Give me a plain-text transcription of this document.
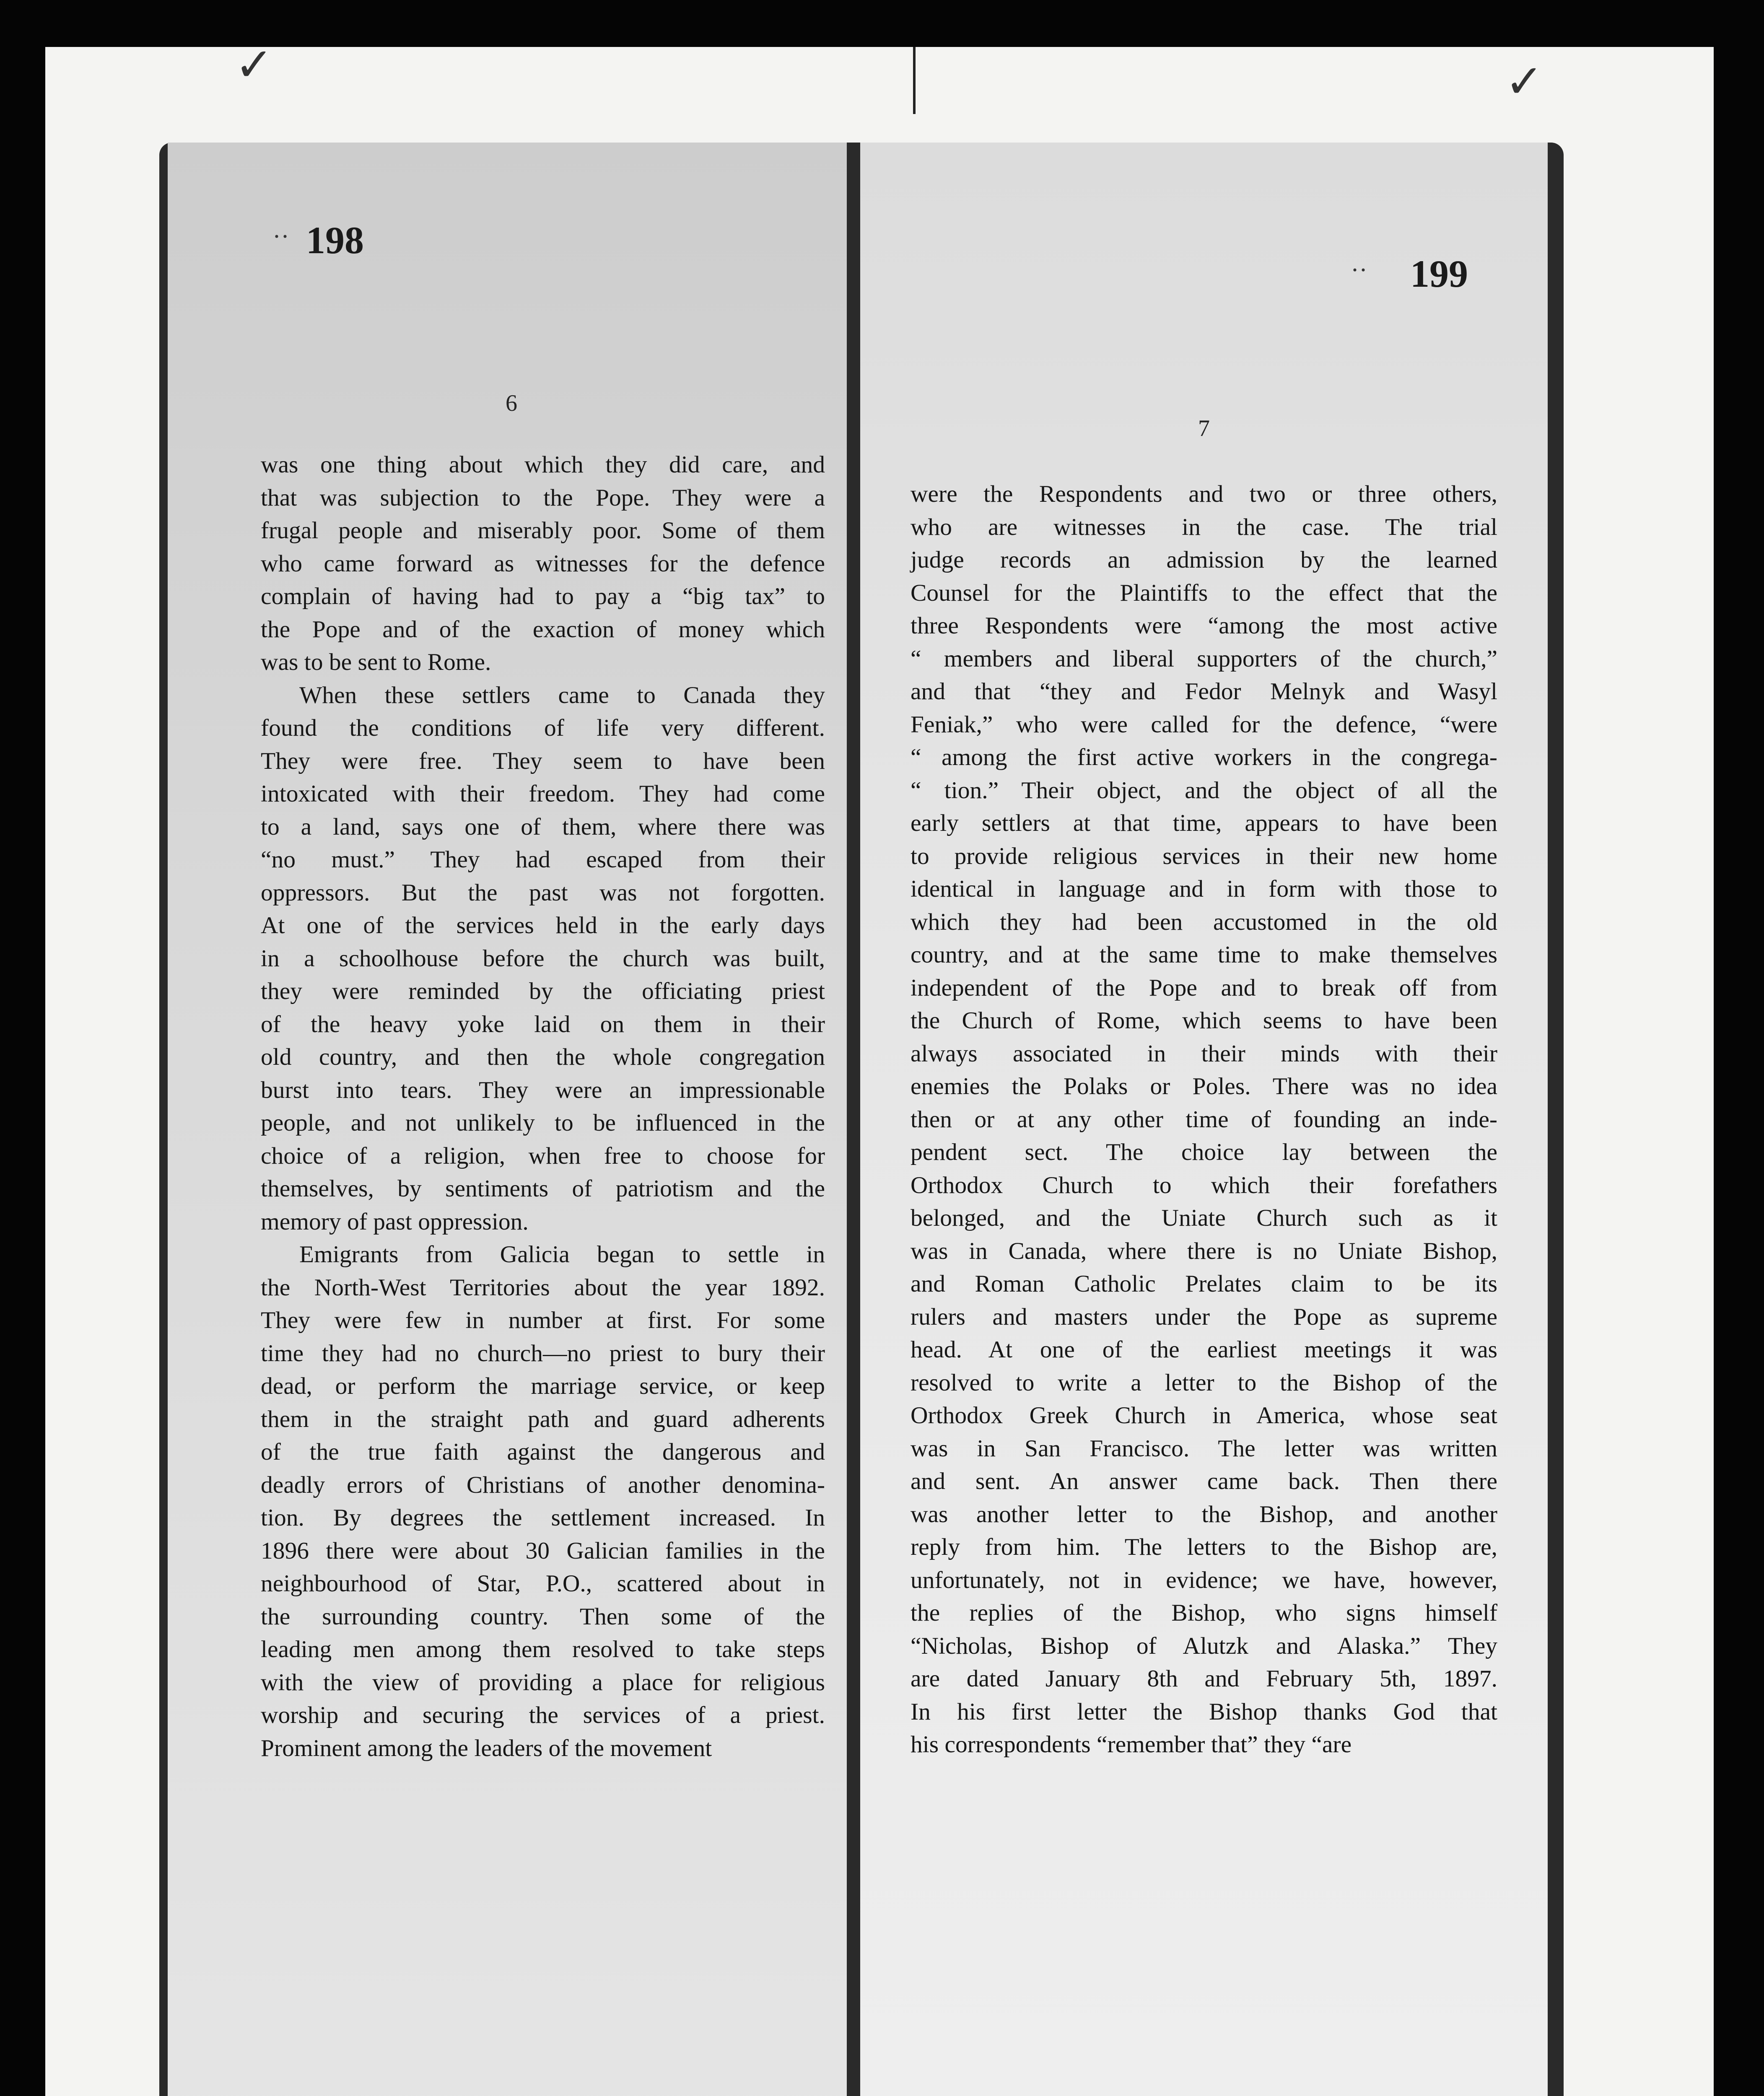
✓	✓
·· 198
6
was one thing about which they did care, and
that was subjection to the Pope. They were a
frugal people and miserably poor. Some of them
who came forward as witnesses for the defence
complain of having had to pay a “big tax” to
the Pope and of the exaction of money which
was to be sent to Rome.
When these settlers came to Canada they
found the conditions of life very different.
They were free. They seem to have been
intoxicated with their freedom. They had come
to a land, says one of them, where there was
“no must.” They had escaped from their
oppressors. But the past was not forgotten.
At one of the services held in the early days
in a schoolhouse before the church was built,
they were reminded by the officiating priest
of the heavy yoke laid on them in their
old country, and then the whole congregation
burst into tears. They were an impressionable
people, and not unlikely to be influenced in the
choice of a religion, when free to choose for
themselves, by sentiments of patriotism and the
memory of past oppression.
Emigrants from Galicia began to settle in
the North-West Territories about the year 1892.
They were few in number at first. For some
time they had no church—no priest to bury their
dead, or perform the marriage service, or keep
them in the straight path and guard adherents
of the true faith against the dangerous and
deadly errors of Christians of another denomina-
tion. By degrees the settlement increased. In
1896 there were about 30 Galician families in the
neighbourhood of Star, P.O., scattered about in
the surrounding country. Then some of the
leading men among them resolved to take steps
with the view of providing a place for religious
worship and securing the services of a priest.
Prominent among the leaders of the movement
·· 199
7
were the Respondents and two or three others,
who are witnesses in the case. The trial
judge records an admission by the learned
Counsel for the Plaintiffs to the effect that the
three Respondents were “among the most active
“ members and liberal supporters of the church,”
and that “they and Fedor Melnyk and Wasyl
Feniak,” who were called for the defence, “were
“ among the first active workers in the congrega-
“ tion.” Their object, and the object of all the
early settlers at that time, appears to have been
to provide religious services in their new home
identical in language and in form with those to
which they had been accustomed in the old
country, and at the same time to make themselves
independent of the Pope and to break off from
the Church of Rome, which seems to have been
always associated in their minds with their
enemies the Polaks or Poles. There was no idea
then or at any other time of founding an inde-
pendent sect. The choice lay between the
Orthodox Church to which their forefathers
belonged, and the Uniate Church such as it
was in Canada, where there is no Uniate Bishop,
and Roman Catholic Prelates claim to be its
rulers and masters under the Pope as supreme
head. At one of the earliest meetings it was
resolved to write a letter to the Bishop of the
Orthodox Greek Church in America, whose seat
was in San Francisco. The letter was written
and sent. An answer came back. Then there
was another letter to the Bishop, and another
reply from him. The letters to the Bishop are,
unfortunately, not in evidence; we have, however,
the replies of the Bishop, who signs himself
“Nicholas, Bishop of Alutzk and Alaska.” They
are dated January 8th and February 5th, 1897.
In his first letter the Bishop thanks God that
his correspondents “remember that” they “are
